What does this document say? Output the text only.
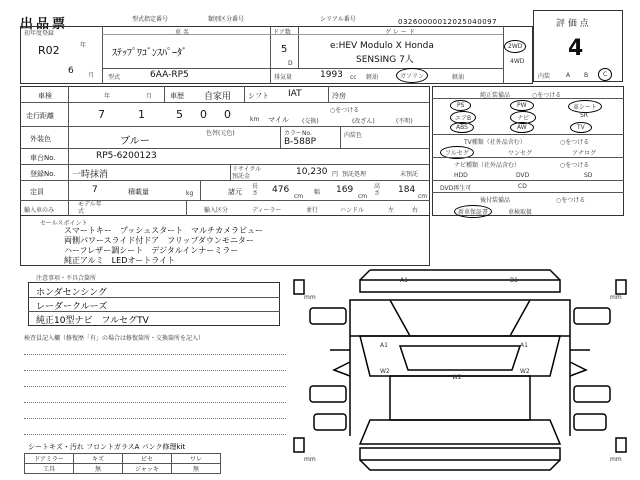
出品票	型式指定番号	類別区分番号	シリアル番号	03260000012025040097	評 価 点
4
初年度登録
R02	年
6 月
車 名
ｽﾃｯﾌﾟﾜｺﾞﾝｽﾊﾟｰﾀﾞ
ドア数
5
D
グ レ ー ド
e:HEV Modulo X Honda
SENSING 7人
2WD
4WD
型式	6AA-RP5	排気量	1993 cc 軽油	ガソリン	軽油	内装	A B	C
車検	年	月	車歴 自家用 シフト IAT	冷房
走行距離	7	1	5 0 0	km
○をつける
マイル (交換)	(改ざん)	(不明)
外装色	ブルー
色替(元色)	カラーNo.
B-588P
内装色
車台No.	RP5-6200123
登録No. 一時抹消
リサイクル預託金	10,230 円 預託処理	未預託
定員	7	積載量	kg	諸元
長さ 476
cm
幅 169
cm
高さ 184
cm
輸入車のみ
モデル年式	輸入区分	ディーラー	並行	ハンドル	左	右
純正装備品	○をつける
PS	PW	革シート
エアB	ナビ	SR
ABS	AW	TV
TV種類（社外品含む）	○をつける
フルセグ	ワンセグ	アナログ
ナビ種類（社外品含む）	○をつける
HDD	DVD	SD
DVD再生可	CD
後付装備品	○をつける
新車保証書	車検取扱
セールスポイント
スマートキー　プッシュスタート　マルチカメラビュー
両側パワースライド付ドア　フリップダウンモニター
ハーフレザー調シート　デジタルインナーミラー
純正アルミ　LEDオートライト
注意事項・不具合箇所
ホンダセンシング
レーダークルーズ
純正10型ナビ　フルセグTV
検査員記入欄（修復歴「有」の場合は修復箇所・交換箇所を記入）
シートキズ・汚れ フロントガラスA パンク修理kit
ドアミラー	キズ	ピセ	ワレ
工具	無	ジャッキ	無
A1	B1
A1
W2
W2
W2
A1
mm	mm
mm	mm
